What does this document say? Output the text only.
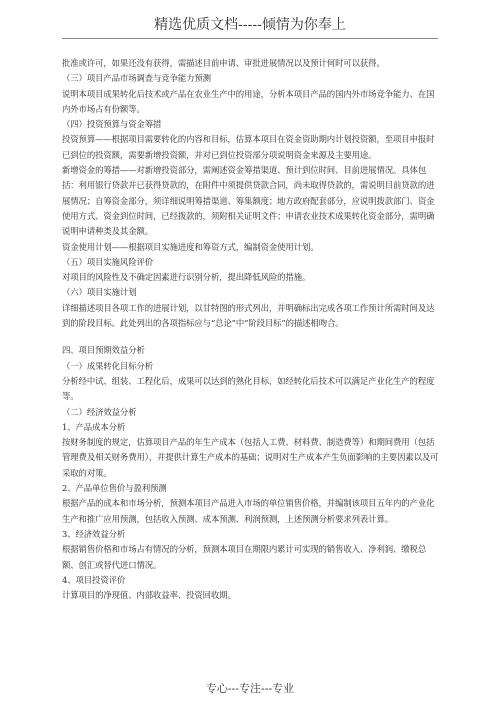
精选优质文档-----倾情为你奉上

批准或许可，如果还没有获得，需描述目前申请、审批进展情况以及预计何时可以获得。

（三）项目产品市场调查与竞争能力预测

说明本项目成果转化后技术或产品在农业生产中的用途，分析本项目产品的国内外市场竞争能力、在国内外市场占有份额等。

（四）投资预算与资金筹措

投资预算——根据项目需要转化的内容和目标，估算本项目在资金资助期内计划投资额，至项目申报时已到位的投资额，需要新增投资额，并对已到位投资部分项说明资金来源及主要用途。

新增资金的筹措——对新增投资部分，需阐述资金筹措渠道、预计到位时间、目前进展情况。具体包括：利用银行贷款并已获得贷款的，在附件中须提供贷款合同，尚未取得贷款的，需说明目前贷款的进展情况；自筹资金部分，须详细说明筹措渠道、筹集额度；地方政府配套部分，应说明拨款部门、资金使用方式、资金到位时间，已经拨款的，须附相关证明文件；申请农业技术成果转化资金部分，需明确说明申请种类及其金额。

资金使用计划——根据项目实施进度和筹资方式，编制资金使用计划。

（五）项目实施风险评价

对项目的风险性及不确定因素进行识别分析，提出降低风险的措施。

（六）项目实施计划

详细描述项目各项工作的进展计划，以甘特图的形式列出，并明确标出完成各项工作预计所需时间及达到的阶段目标。此处列出的各项指标应与“总论”中“阶段目标”的描述相吻合。

四、项目预期效益分析

（一）成果转化目标分析

分析经中试、组装、工程化后，成果可以达到的熟化目标，如经转化后技术可以满足产业化生产的程度等。

（二）经济效益分析

1、产品成本分析

按财务制度的规定，估算项目产品的年生产成本（包括人工费、材料费、制造费等）和期间费用（包括管理费及相关财务费用），并提供计算生产成本的基础；说明对生产成本产生负面影响的主要因素以及可采取的对策。

2、产品单位售价与盈利预测

根据产品的成本和市场分析，预测本项目产品进入市场的单位销售价格，并编制该项目五年内的产业化生产和推广应用预测，包括收入预测、成本预测、利润预测，上述预测分析要求列表计算。

3、经济效益分析

根据销售价格和市场占有情况的分析，预测本项目在期限内累计可实现的销售收入、净利润、缴税总额、创汇或替代进口情况。

4、项目投资评价

计算项目的净现值、内部收益率、投资回收期。

专心---专注---专业
